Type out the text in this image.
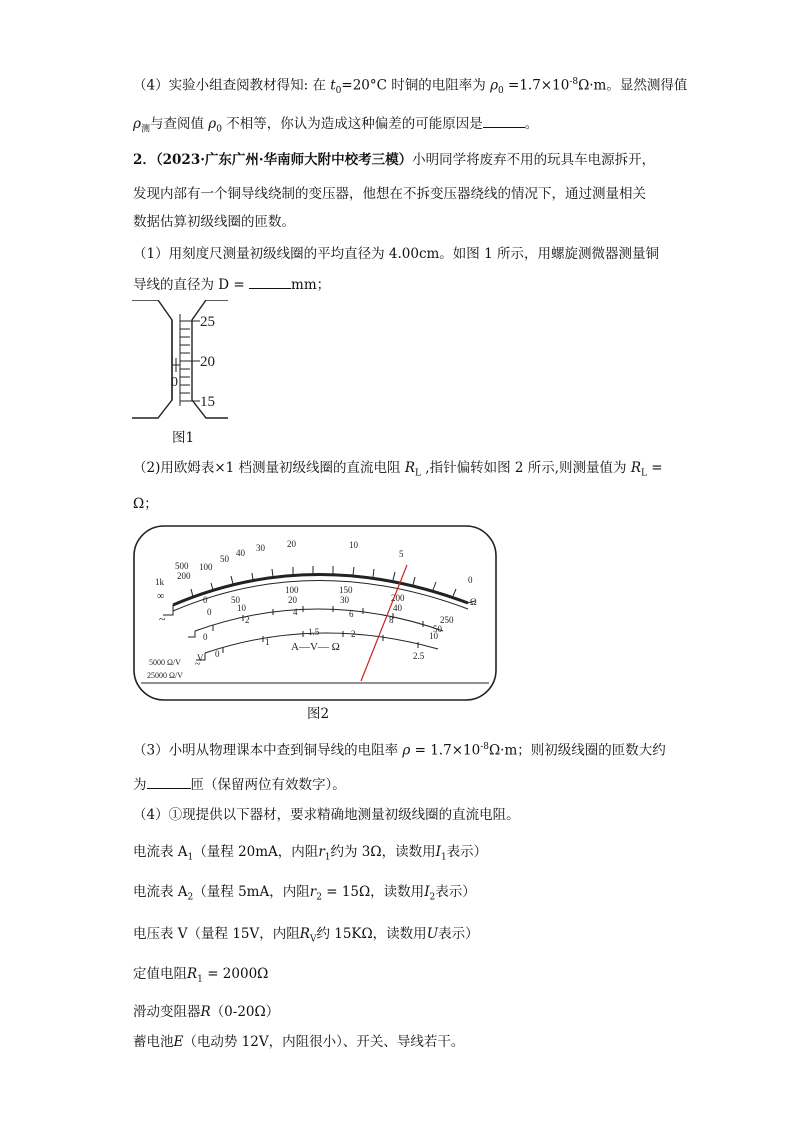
（4）实验小组查阅教材得知: 在 $t_0=20^\circ C$ 时铜的电阻率为 $\rho_0 =1.7\times 10^{-8}\Omega\cdot m$。显然测得值
$\rho_测$与查阅值 $\rho_0$ 不相等，你认为造成这种偏差的可能原因是	。
2．（2023·广东广州·华南师大附中校考三模）小明同学将废弃不用的玩具车电源拆开，
发现内部有一个铜导线绕制的变压器，他想在不拆变压器绕线的情况下，通过测量相关
数据估算初级线圈的匝数。
（1）用刻度尺测量初级线圈的平均直径为 4.00cm。如图 1 所示，用螺旋测微器测量铜
导线的直径为 D =	mm；
25
20
15
0
图1
（2)用欧姆表×1 档测量初级线圈的直流电阻 $R_L$ ,指针偏转如图 2 所示,则测量值为 $R_L$ =
Ω；
1k
500
200
100
50
40 30 20	10
5
0
Ω
∞
~
0	50
100	150
200
250
0	10
20	30
40
50
0
2
4	6
8
10
0
1
1.5	2
2.5
A—V— Ω
V
~
5000 Ω/V
25000 Ω/V
图2
（3）小明从物理课本中查到铜导线的电阻率 $\rho = 1.7\times 10^{-8}\Omega\cdot m$；则初级线圈的匝数大约
为	匝（保留两位有效数字）。
（4）①现提供以下器材，要求精确地测量初级线圈的直流电阻。
电流表 $A_1$（量程 20mA，内阻$r_1$约为 3Ω，读数用$I_1$表示）
电流表 $A_2$（量程 5mA，内阻$r_2 = 15\Omega$，读数用$I_2$表示）
电压表 V（量程 15V，内阻$R_V$约 15KΩ，读数用U表示）
定值电阻$R_1 = 2000\Omega$
滑动变阻器R（0-20Ω）
蓄电池E（电动势 12V，内阻很小）、开关、导线若干。
